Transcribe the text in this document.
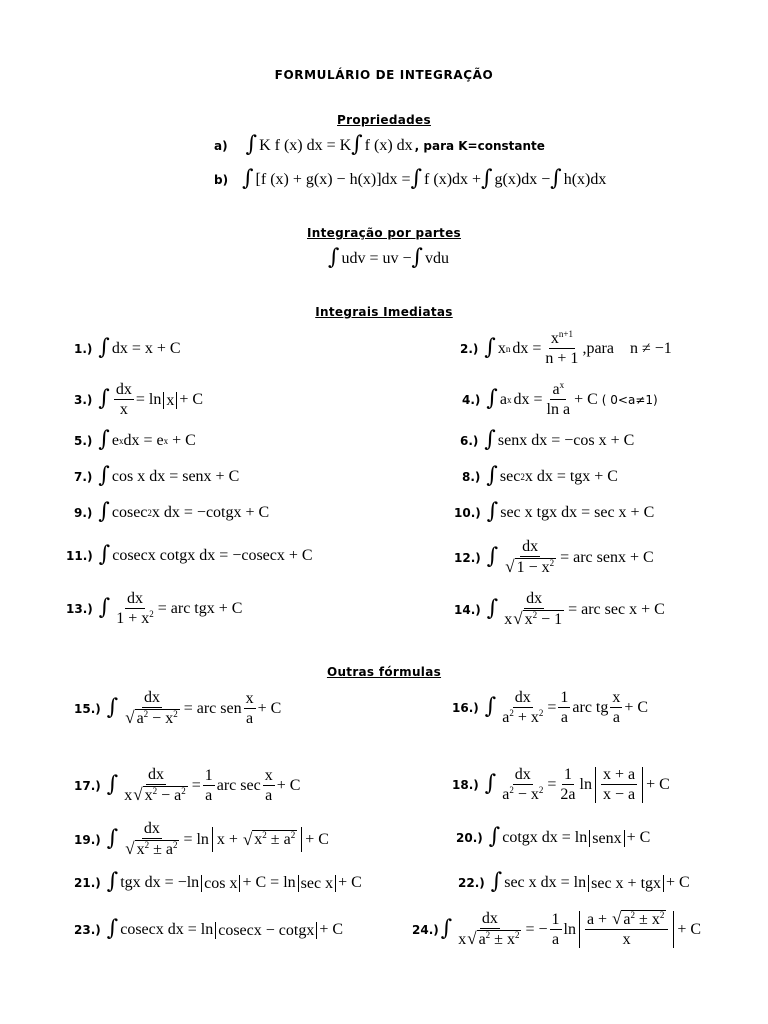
FORMULÁRIO DE INTEGRAÇÃO
Propriedades
a) ∫ K f (x) dx = K ∫ f (x) dx , para K=constante
b) ∫ [f (x) + g(x) − h(x)]dx = ∫ f (x)dx + ∫ g(x)dx − ∫ h(x)dx
Integração por partes
∫ udv = uv − ∫ vdu
Integrais Imediatas
1.) ∫ dx = x + C	2.) ∫ x n dx = $\frac{x^{n+1}}{n + 1}$ ,para    n ≠ −1
3.) ∫ $\frac{dx}{x} = \ln x + C$	4.) ∫ a x dx = $\frac{a^x}{\text{ln a}} + C$ ( 0<a≠1)
5.) ∫ e x dx = e x + C	6.) ∫ senx dx = −cos x + C
7.) ∫ cos x dx = senx + C	8.) ∫ sec 2 x dx = tgx + C
9.) ∫ cosec 2 x dx = −cotgx + C	10.) ∫ sec x tgx dx = sec x + C
11.) ∫ cosecx cotgx dx = −cosecx + C	12.) ∫ $\frac{dx}{√ 1 - x^2}$ = arc senx + C
13.) ∫ $\frac{dx}{1 + x^2}$ = arc tgx + C	14.) ∫ $\frac{dx}{x√ x^2 - 1}$ = arc sec x + C
Outras fórmulas
15.) ∫ $\frac{dx}{√ a^2 - x^2}$ = arc sen $\frac{x}{a} + C$	16.) ∫ $\frac{dx}{a^2 + x^2} = \frac{1}{a}$ arc tg $\frac{x}{a} + C$
17.) ∫ $\frac{dx}{x√ x^2 - a^2} = \frac{1}{a}$ arc $\sec \frac{x}{a} + C$	18.) ∫ $\frac{dx}{a^2 - x^2} = \frac{1}{2a}$ $\ln \frac{x + a}{x - a} + C$
19.) ∫ $\frac{dx}{√ x^2 \pm a^2} = \ln x$ + √ $x^2 \pm a^2 + C$	20.) ∫ cotgx dx = ln senx + C
21.) ∫ tgx dx = −ln cos x + C = ln sec x + C	22.) ∫ sec x dx = ln sec x + tgx + C
23.) ∫ cosecx dx = ln cosecx − cotgx + C	24.) ∫ $\frac{dx}{x√ a^2 \pm x^2}$ = − $\frac{1}{a}$ $\ln \frac{a + √ a^2 \pm x^2}{x} + C$
